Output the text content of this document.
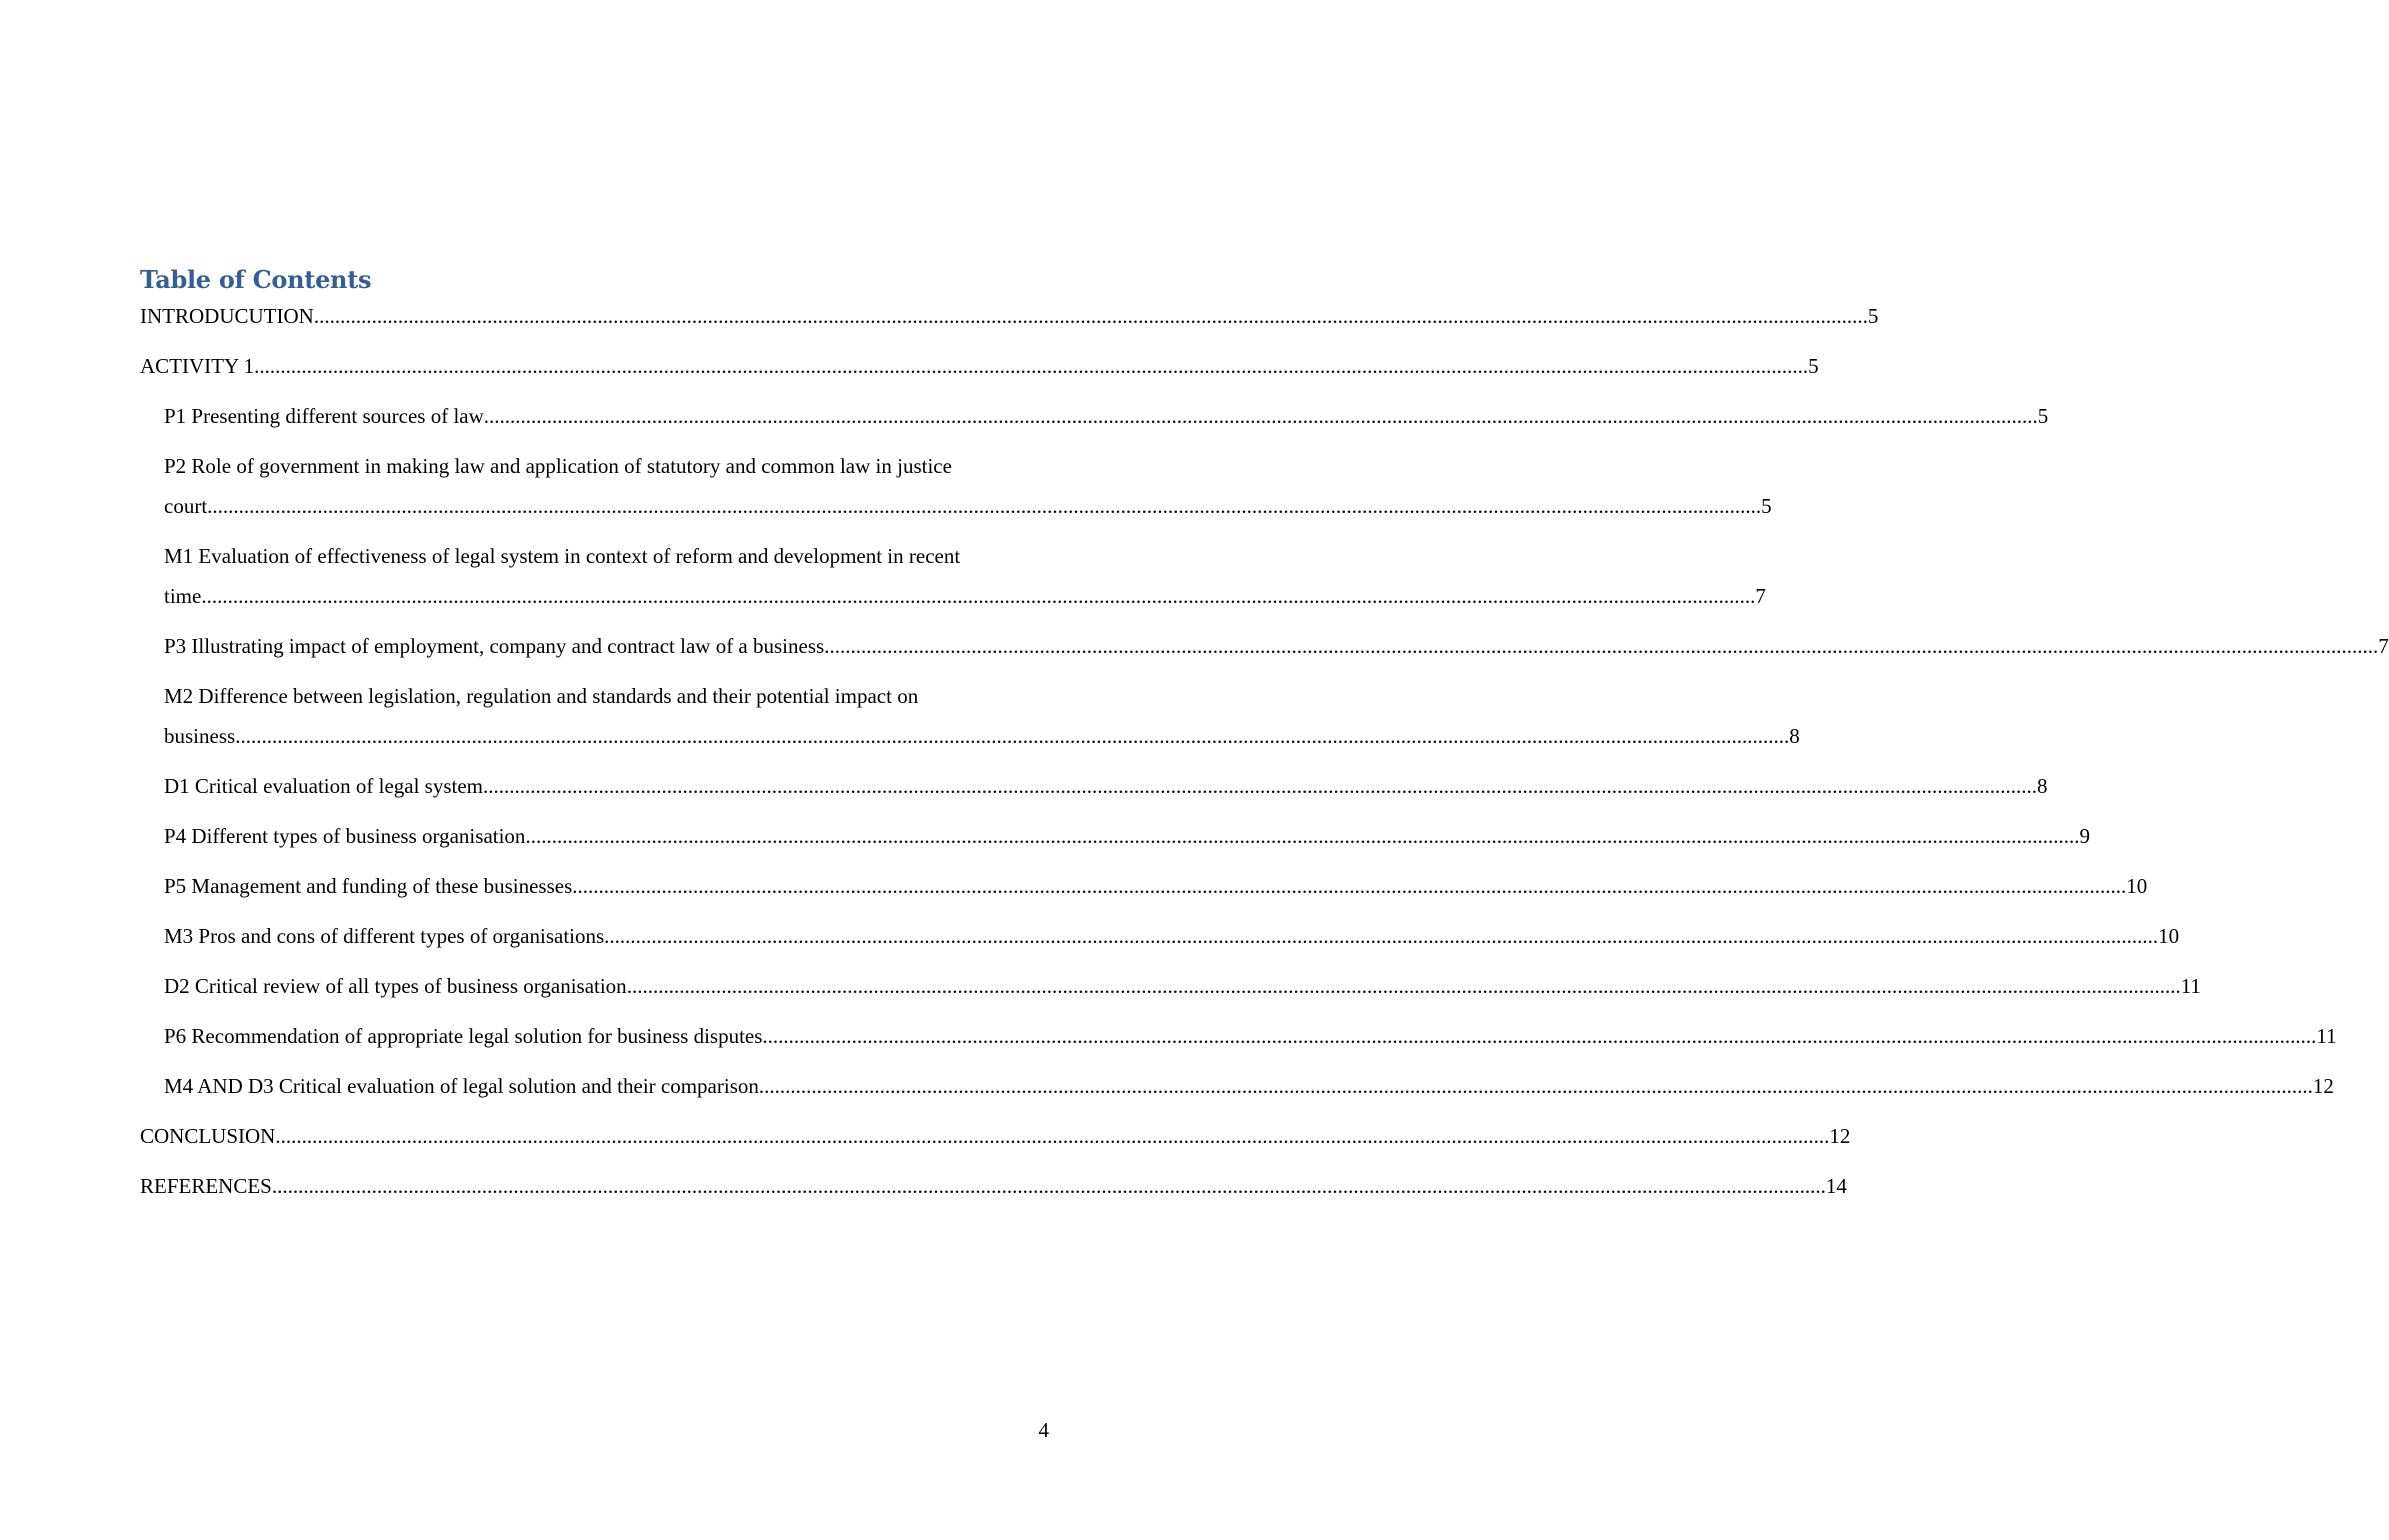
Table of Contents
INTRODUCUTION .....	5
ACTIVITY 1 .....	5
P1 Presenting different sources of law .....	5
P2 Role of government in making law and application of statutory and common law in justice
court .....	5
M1 Evaluation of effectiveness of legal system in context of reform and development in recent
time .....	7
P3 Illustrating impact of employment, company and contract law of a business .....	7
M2 Difference between legislation, regulation and standards and their potential impact on
business .....	8
D1 Critical evaluation of legal system .....	8
P4 Different types of business organisation .....	9
P5 Management and funding of these businesses .....	10
M3 Pros and cons of different types of organisations .....	10
D2 Critical review of all types of business organisation .....	11
P6 Recommendation of appropriate legal solution for business disputes .....	11
M4 AND D3 Critical evaluation of legal solution and their comparison .....	12
CONCLUSION .....	12
REFERENCES .....	14
4
